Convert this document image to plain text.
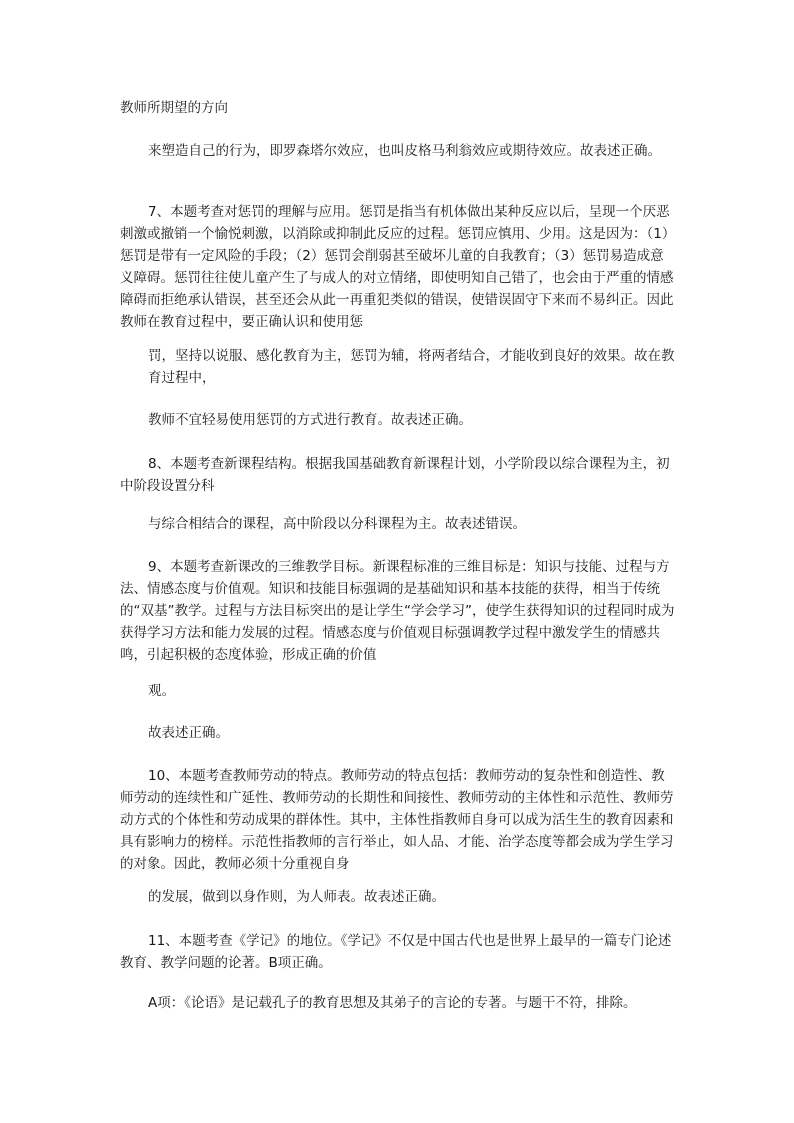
教师所期望的方向

来塑造自己的行为，即罗森塔尔效应，也叫皮格马利翁效应或期待效应。故表述正确。

7、本题考查对惩罚的理解与应用。惩罚是指当有机体做出某种反应以后，呈现一个厌恶刺激或撤销一个愉悦刺激，以消除或抑制此反应的过程。惩罚应慎用、少用。这是因为：（1）惩罚是带有一定风险的手段；（2）惩罚会削弱甚至破坏儿童的自我教育；（3）惩罚易造成意义障碍。惩罚往往使儿童产生了与成人的对立情绪，即使明知自己错了，也会由于严重的情感障碍而拒绝承认错误，甚至还会从此一再重犯类似的错误，使错误固守下来而不易纠正。因此教师在教育过程中，要正确认识和使用惩

罚，坚持以说服、感化教育为主，惩罚为辅，将两者结合，才能收到良好的效果。故在教育过程中，

教师不宜轻易使用惩罚的方式进行教育。故表述正确。

8、本题考查新课程结构。根据我国基础教育新课程计划，小学阶段以综合课程为主，初中阶段设置分科

与综合相结合的课程，高中阶段以分科课程为主。故表述错误。

9、本题考查新课改的三维教学目标。新课程标准的三维目标是：知识与技能、过程与方法、情感态度与价值观。知识和技能目标强调的是基础知识和基本技能的获得，相当于传统的“双基”教学。过程与方法目标突出的是让学生“学会学习”，使学生获得知识的过程同时成为获得学习方法和能力发展的过程。情感态度与价值观目标强调教学过程中激发学生的情感共鸣，引起积极的态度体验，形成正确的价值

观。

故表述正确。

10、本题考查教师劳动的特点。教师劳动的特点包括：教师劳动的复杂性和创造性、教师劳动的连续性和广延性、教师劳动的长期性和间接性、教师劳动的主体性和示范性、教师劳动方式的个体性和劳动成果的群体性。其中，主体性指教师自身可以成为活生生的教育因素和具有影响力的榜样。示范性指教师的言行举止，如人品、才能、治学态度等都会成为学生学习的对象。因此，教师必须十分重视自身

的发展，做到以身作则，为人师表。故表述正确。

11、本题考查《学记》的地位。《学记》不仅是中国古代也是世界上最早的一篇专门论述教育、教学问题的论著。B项正确。

A项：《论语》是记载孔子的教育思想及其弟子的言论的专著。与题干不符，排除。
